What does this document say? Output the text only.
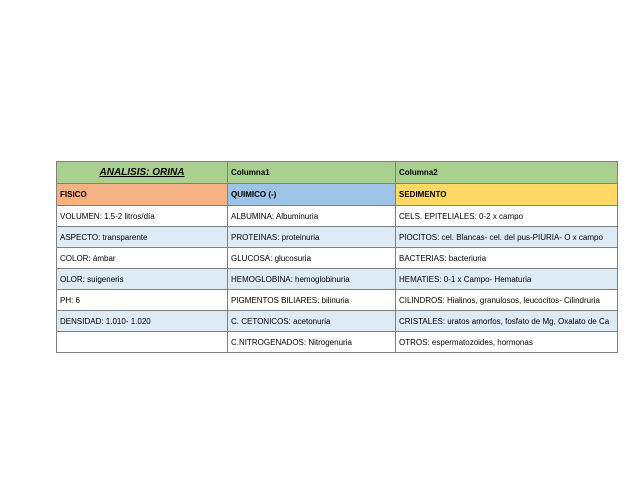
ANALISIS: ORINA	Columna1	Columna2
FISICO	QUIMICO (-)	SEDIMENTO
VOLUMEN: 1.5-2 litros/día	ALBUMINA: Albuminuria	CELS. EPITELIALES: 0-2 x campo
ASPECTO: transparente	PROTEINAS: proteinuria	PIOCITOS: cel. Blancas- cel. del pus-PIURIA- O x campo
COLOR: ámbar	GLUCOSA: glucosuria	BACTERIAS: bacteriuria
OLOR: suigeneris	HEMOGLOBINA: hemoglobinuria	HEMATIES: 0-1 x Campo- Hematuria
PH: 6	PIGMENTOS BILIARES: bilinuria	CILINDROS: Hialinos, granulosos, leucocitos- Cilindruria
DENSIDAD: 1.010- 1.020	C. CETONICOS: acetonuria	CRISTALES: uratos amorfos, fosfato de Mg, Oxalato de Ca
	C.NITROGENADOS: Nitrogenuria	OTROS: espermatozoides, hormonas
